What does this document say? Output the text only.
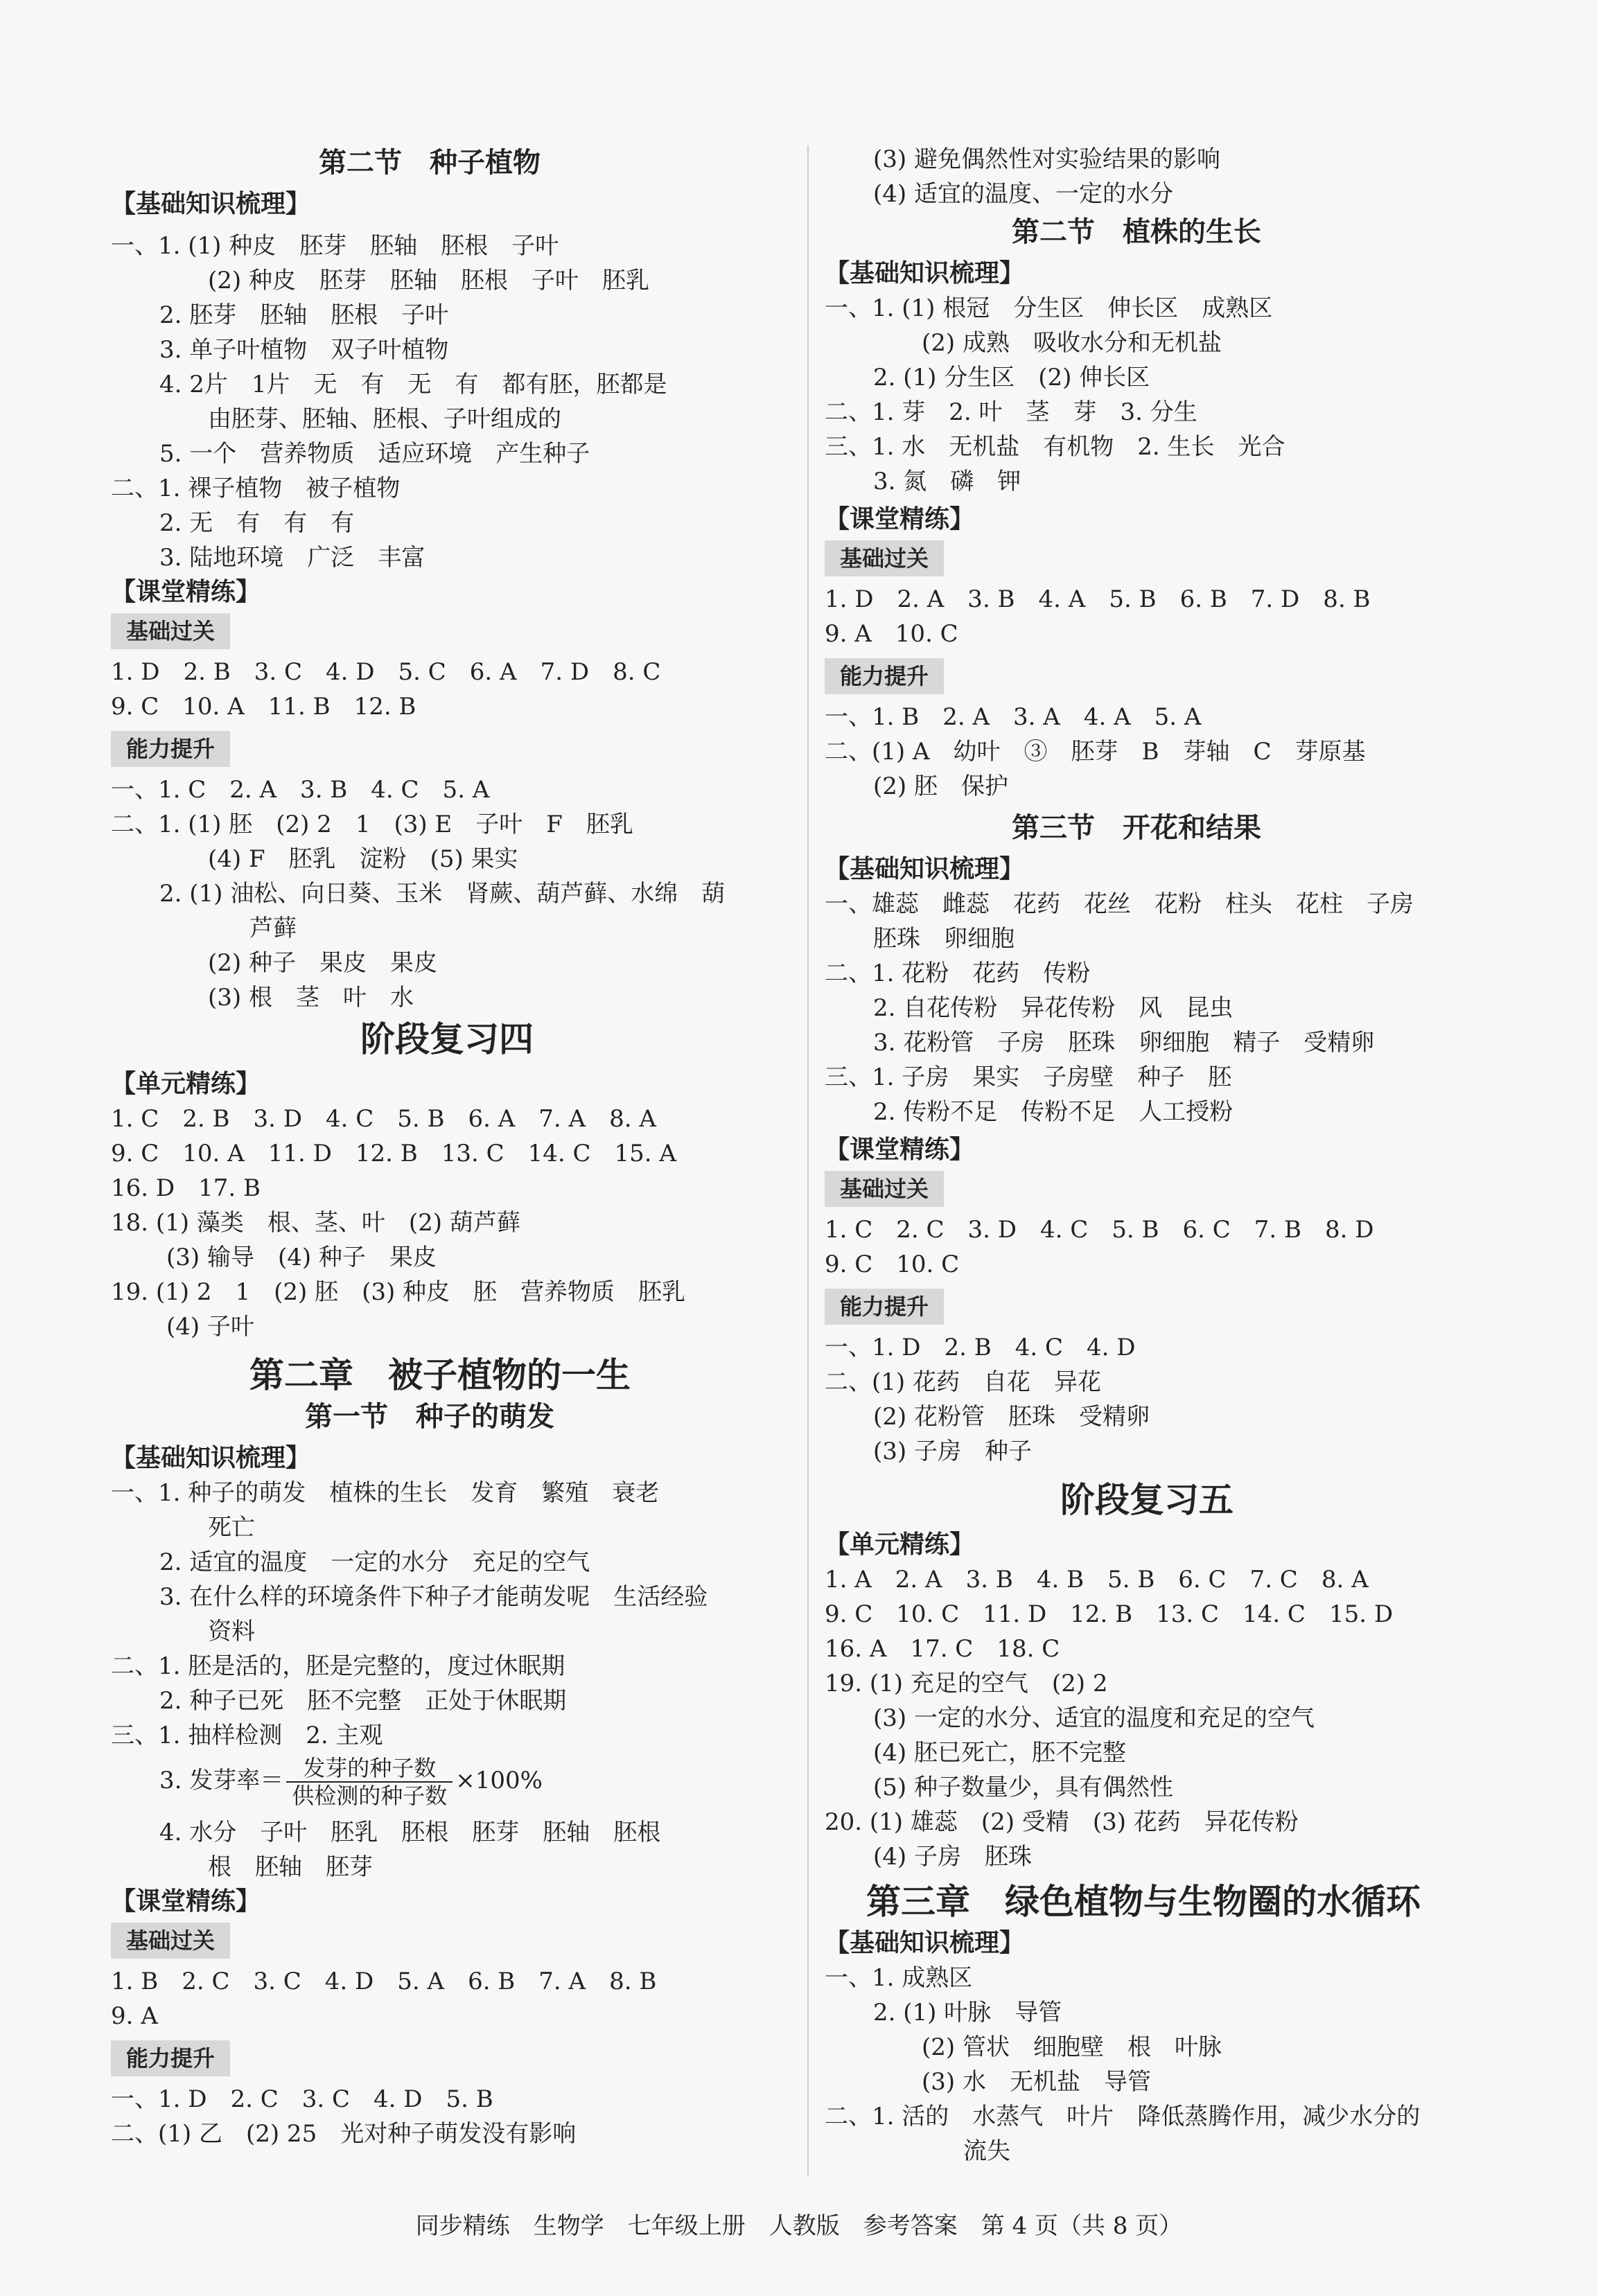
第二节　种子植物
【基础知识梳理】
一、1. (1) 种皮　胚芽　胚轴　胚根　子叶
(2) 种皮　胚芽　胚轴　胚根　子叶　胚乳
2. 胚芽　胚轴　胚根　子叶
3. 单子叶植物　双子叶植物
4. 2片　1片　无　有　无　有　都有胚，胚都是
由胚芽、胚轴、胚根、子叶组成的
5. 一个　营养物质　适应环境　产生种子
二、1. 裸子植物　被子植物
2. 无　有　有　有
3. 陆地环境　广泛　丰富
【课堂精练】
基础过关
1. D　2. B　3. C　4. D　5. C　6. A　7. D　8. C
9. C　10. A　11. B　12. B
能力提升
一、1. C　2. A　3. B　4. C　5. A
二、1. (1) 胚　(2) 2　1　(3) E　子叶　F　胚乳
(4) F　胚乳　淀粉　(5) 果实
2. (1) 油松、向日葵、玉米　肾蕨、葫芦藓、水绵　葫
芦藓
(2) 种子　果皮　果皮
(3) 根　茎　叶　水
阶段复习四
【单元精练】
1. C　2. B　3. D　4. C　5. B　6. A　7. A　8. A
9. C　10. A　11. D　12. B　13. C　14. C　15. A
16. D　17. B
18. (1) 藻类　根、茎、叶　(2) 葫芦藓
(3) 输导　(4) 种子　果皮
19. (1) 2　1　(2) 胚　(3) 种皮　胚　营养物质　胚乳
(4) 子叶
第二章　被子植物的一生
第一节　种子的萌发
【基础知识梳理】
一、1. 种子的萌发　植株的生长　发育　繁殖　衰老
死亡
2. 适宜的温度　一定的水分　充足的空气
3. 在什么样的环境条件下种子才能萌发呢　生活经验
资料
二、1. 胚是活的，胚是完整的，度过休眠期
2. 种子已死　胚不完整　正处于休眠期
三、1. 抽样检测　2. 主观
3. 发芽率＝ $\frac{\text{发芽的种子数}}{\text{供检测的种子数}} \times 100\%$
4. 水分　子叶　胚乳　胚根　胚芽　胚轴　胚根
根　胚轴　胚芽
【课堂精练】
基础过关
1. B　2. C　3. C　4. D　5. A　6. B　7. A　8. B
9. A
能力提升
一、1. D　2. C　3. C　4. D　5. B
二、(1) 乙　(2) 25　光对种子萌发没有影响
(3) 避免偶然性对实验结果的影响
(4) 适宜的温度、一定的水分
第二节　植株的生长
【基础知识梳理】
一、1. (1) 根冠　分生区　伸长区　成熟区
(2) 成熟　吸收水分和无机盐
2. (1) 分生区　(2) 伸长区
二、1. 芽　2. 叶　茎　芽　3. 分生
三、1. 水　无机盐　有机物　2. 生长　光合
3. 氮　磷　钾
【课堂精练】
基础过关
1. D　2. A　3. B　4. A　5. B　6. B　7. D　8. B
9. A　10. C
能力提升
一、1. B　2. A　3. A　4. A　5. A
二、(1) A　幼叶　③　胚芽　B　芽轴　C　芽原基
(2) 胚　保护
第三节　开花和结果
【基础知识梳理】
一、雄蕊　雌蕊　花药　花丝　花粉　柱头　花柱　子房
胚珠　卵细胞
二、1. 花粉　花药　传粉
2. 自花传粉　异花传粉　风　昆虫
3. 花粉管　子房　胚珠　卵细胞　精子　受精卵
三、1. 子房　果实　子房壁　种子　胚
2. 传粉不足　传粉不足　人工授粉
【课堂精练】
基础过关
1. C　2. C　3. D　4. C　5. B　6. C　7. B　8. D
9. C　10. C
能力提升
一、1. D　2. B　4. C　4. D
二、(1) 花药　自花　异花
(2) 花粉管　胚珠　受精卵
(3) 子房　种子
阶段复习五
【单元精练】
1. A　2. A　3. B　4. B　5. B　6. C　7. C　8. A
9. C　10. C　11. D　12. B　13. C　14. C　15. D
16. A　17. C　18. C
19. (1) 充足的空气　(2) 2
(3) 一定的水分、适宜的温度和充足的空气
(4) 胚已死亡，胚不完整
(5) 种子数量少，具有偶然性
20. (1) 雄蕊　(2) 受精　(3) 花药　异花传粉
(4) 子房　胚珠
第三章　绿色植物与生物圈的水循环
【基础知识梳理】
一、1. 成熟区
2. (1) 叶脉　导管
(2) 管状　细胞壁　根　叶脉
(3) 水　无机盐　导管
二、1. 活的　水蒸气　叶片　降低蒸腾作用，减少水分的
流失
同步精练　生物学　七年级上册　人教版　参考答案　第 4 页（共 8 页）
